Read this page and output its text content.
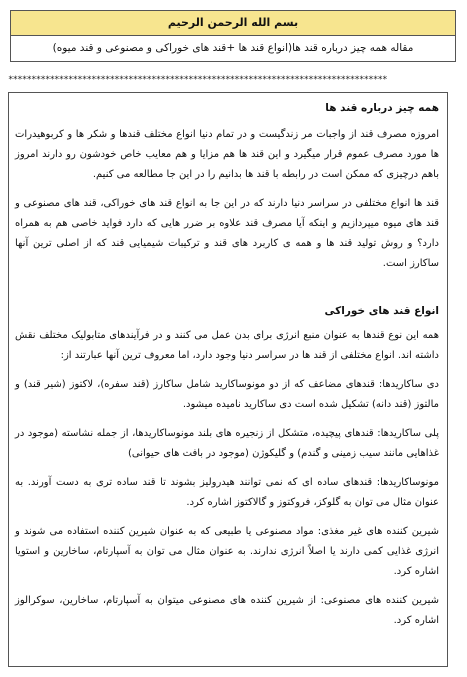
بسم الله الرحمن الرحیم
مقاله همه چیز درباره قند ها(انواع قند ها +قند های خوراکی و مصنوعی و قند میوه)
**********************************************************************************
همه چیز درباره قند ها

امروزه مصرف قند از واجبات مر زندگیست و در تمام دنیا انواع مختلف قندها و شکر ها و کربوهیدرات ها مورد مصرف عموم قرار میگیرد و این قند ها هم مزایا و هم معایب خاص خودشون رو دارند امروز باهم درچیزی که ممکن است در رابطه با قند ها بدانیم را در این جا مطالعه می کنیم.

قند ها انواع مختلفی در سراسر دنیا دارند که در این جا به انواع قند های خوراکی، قند های مصنوعی و قند های میوه میپردازیم و اینکه آیا مصرف قند علاوه بر ضرر هایی که دارد فواید خاصی هم به همراه دارد؟ و روش تولید قند ها و همه ی کاربرد های قند و ترکیبات شیمیایی قند که از اصلی ترین آنها ساکارز است.

انواع قند های خوراکی

همه این نوع قندها به عنوان منبع انرژی برای بدن عمل می کنند و در فرآیندهای متابولیک مختلف نقش داشته اند. انواع مختلفی از قند ها در سراسر دنیا وجود دارد، اما معروف ترین آنها عبارتند از:

دی ساکاریدها: قندهای مضاعف که از دو مونوساکارید شامل ساکارز (قند سفره)، لاکتوز (شیر قند) و مالتوز (قند دانه) تشکیل شده است دی ساکارید نامیده میشود.

پلی ساکاریدها: قندهای پیچیده، متشکل از زنجیره های بلند مونوساکاریدها، از جمله نشاسته (موجود در غذاهایی مانند سیب زمینی و گندم) و گلیکوژن (موجود در بافت های حیوانی)

مونوساکاریدها: قندهای ساده ای که نمی توانند هیدرولیز بشوند تا قند ساده تری به دست آورند. به عنوان مثال می توان به گلوکز، فروکتوز و گالاکتوز اشاره کرد.

شیرین کننده های غیر مغذی: مواد مصنوعی یا طبیعی که به عنوان شیرین کننده استفاده می شوند و انرژی غذایی کمی دارند یا اصلاً انرژی ندارند. به عنوان مثال می توان به آسپارتام، ساخارین و استویا اشاره کرد.

شیرین کننده های مصنوعی: از شیرین کننده های مصنوعی میتوان به آسپارتام، ساخارین، سوکرالوز اشاره کرد.
